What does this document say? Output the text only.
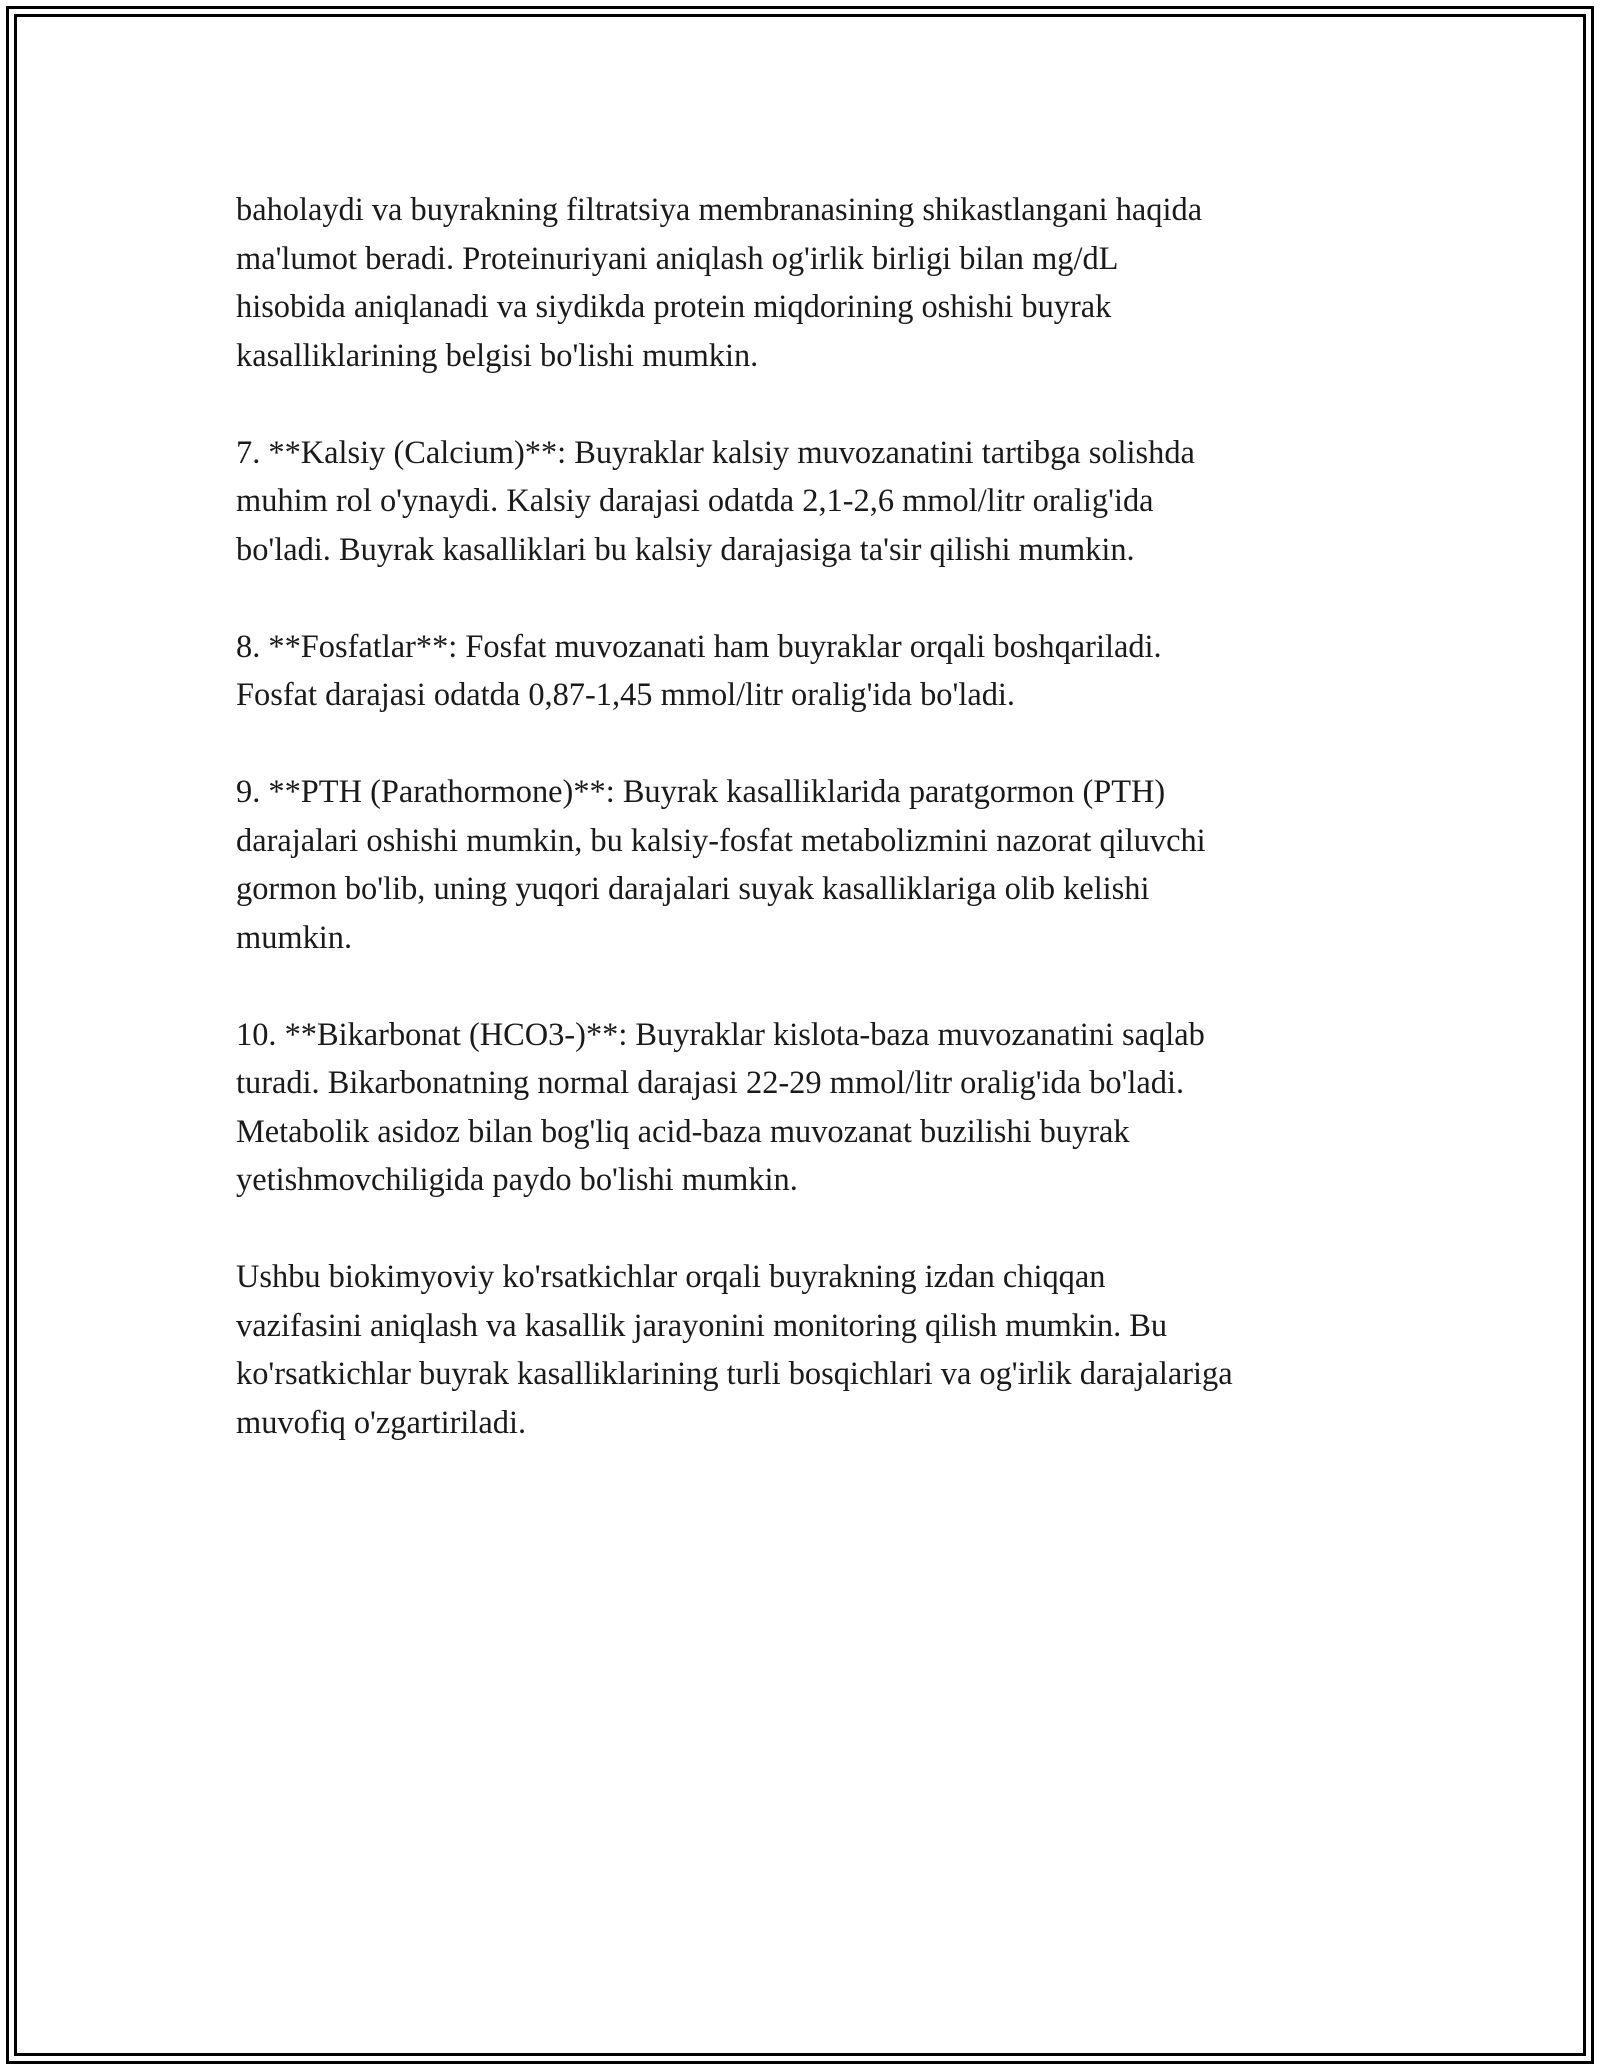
baholaydi va buyrakning filtratsiya membranasining shikastlangani haqida
ma'lumot beradi. Proteinuriyani aniqlash og'irlik birligi bilan mg/dL
hisobida aniqlanadi va siydikda protein miqdorining oshishi buyrak
kasalliklarining belgisi bo'lishi mumkin.

7. **Kalsiy (Calcium)**: Buyraklar kalsiy muvozanatini tartibga solishda
muhim rol o'ynaydi. Kalsiy darajasi odatda 2,1-2,6 mmol/litr oralig'ida
bo'ladi. Buyrak kasalliklari bu kalsiy darajasiga ta'sir qilishi mumkin.

8. **Fosfatlar**: Fosfat muvozanati ham buyraklar orqali boshqariladi.
Fosfat darajasi odatda 0,87-1,45 mmol/litr oralig'ida bo'ladi.

9. **PTH (Parathormone)**: Buyrak kasalliklarida paratgormon (PTH)
darajalari oshishi mumkin, bu kalsiy-fosfat metabolizmini nazorat qiluvchi
gormon bo'lib, uning yuqori darajalari suyak kasalliklariga olib kelishi
mumkin.

10. **Bikarbonat (HCO3-)**: Buyraklar kislota-baza muvozanatini saqlab
turadi. Bikarbonatning normal darajasi 22-29 mmol/litr oralig'ida bo'ladi.
Metabolik asidoz bilan bog'liq acid-baza muvozanat buzilishi buyrak
yetishmovchiligida paydo bo'lishi mumkin.

Ushbu biokimyoviy ko'rsatkichlar orqali buyrakning izdan chiqqan
vazifasini aniqlash va kasallik jarayonini monitoring qilish mumkin. Bu
ko'rsatkichlar buyrak kasalliklarining turli bosqichlari va og'irlik darajalariga
muvofiq o'zgartiriladi.
